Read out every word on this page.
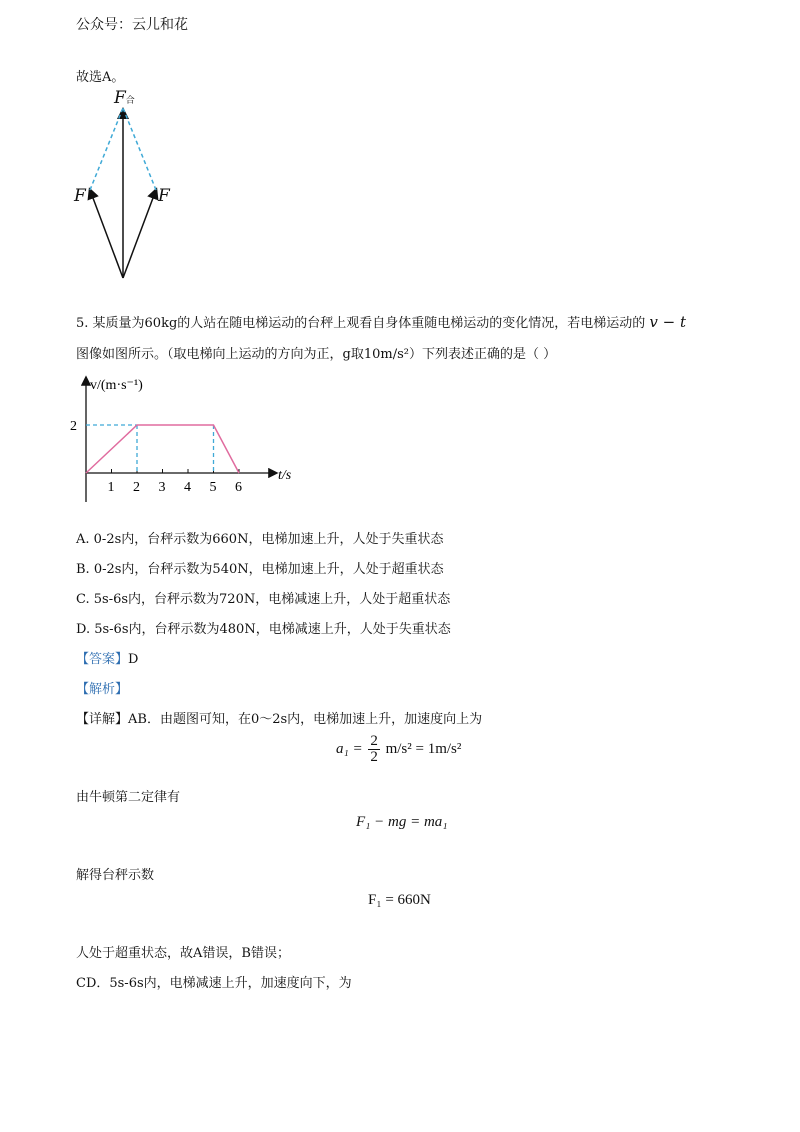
公众号：云儿和花
故选A。
F合
F	F
5. 某质量为60kg的人站在随电梯运动的台秤上观看自身体重随电梯运动的变化情况，若电梯运动的 v − t
图像如图所示。（取电梯向上运动的方向为正，g取10m/s²）下列表述正确的是（ ）
1 2 3 4 5 6
v/(m·s⁻¹)
t/s
2
A. 0-2s内，台秤示数为660N，电梯加速上升，人处于失重状态
B. 0-2s内，台秤示数为540N，电梯加速上升，人处于超重状态
C. 5s-6s内，台秤示数为720N，电梯减速上升，人处于超重状态
D. 5s-6s内，台秤示数为480N，电梯减速上升，人处于失重状态
【答案】D
【解析】
【详解】AB．由题图可知，在0～2s内，电梯加速上升，加速度向上为
$a_1 = \frac{2}{2} m/s^2 = 1m/s^2$
由牛顿第二定律有
F₁ − mg = ma₁
解得台秤示数
F₁ = 660N
人处于超重状态，故A错误，B错误；
CD．5s-6s内，电梯减速上升，加速度向下，为
